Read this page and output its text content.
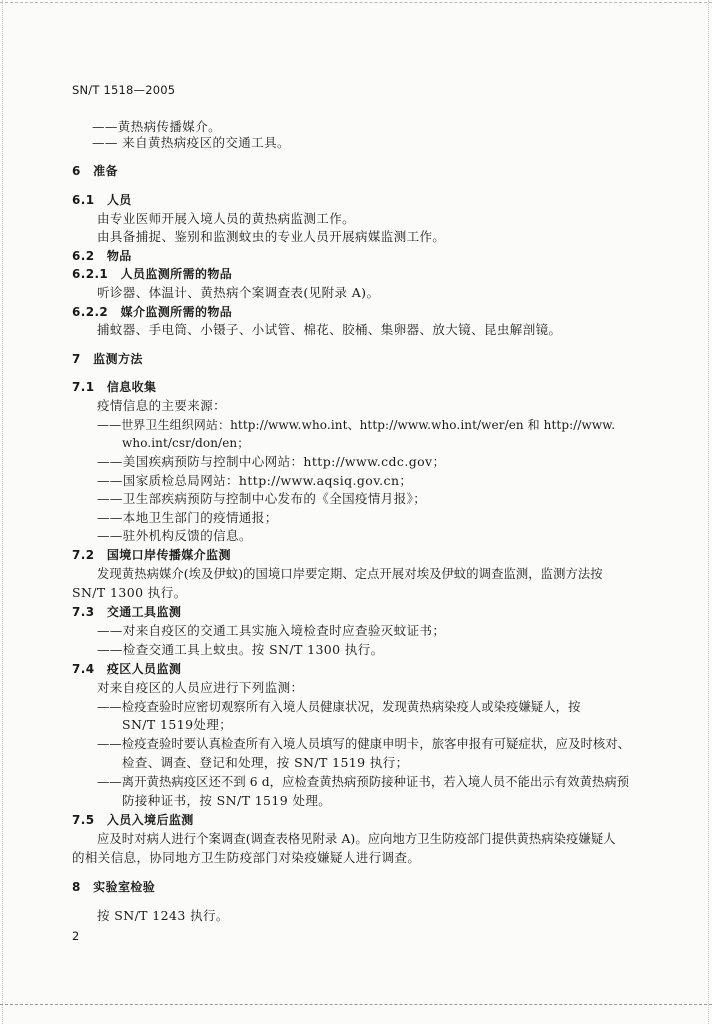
SN/T 1518—2005
——黄热病传播媒介。
—— 来自黄热病疫区的交通工具。
6　准备
6.1　人员
由专业医师开展入境人员的黄热病监测工作。
由具备捕捉、鉴别和监测蚊虫的专业人员开展病媒监测工作。
6.2　物品
6.2.1　人员监测所需的物品
听诊器、体温计、黄热病个案调查表(见附录 A)。
6.2.2　媒介监测所需的物品
捕蚊器、手电筒、小镊子、小试管、棉花、胶桶、集卵器、放大镜、昆虫解剖镜。
7　监测方法
7.1　信息收集
疫情信息的主要来源：
——世界卫生组织网站：http://www.who.int、http://www.who.int/wer/en 和 http://www.
who.int/csr/don/en；
——美国疾病预防与控制中心网站：http://www.cdc.gov；
——国家质检总局网站：http://www.aqsiq.gov.cn；
——卫生部疾病预防与控制中心发布的《全国疫情月报》；
——本地卫生部门的疫情通报；
——驻外机构反馈的信息。
7.2　国境口岸传播媒介监测
发现黄热病媒介(埃及伊蚊)的国境口岸要定期、定点开展对埃及伊蚊的调查监测，监测方法按
SN/T 1300 执行。
7.3　交通工具监测
——对来自疫区的交通工具实施入境检查时应查验灭蚊证书；
——检查交通工具上蚊虫。按 SN/T 1300 执行。
7.4　疫区人员监测
对来自疫区的人员应进行下列监测：
——检疫查验时应密切观察所有入境人员健康状况，发现黄热病染疫人或染疫嫌疑人，按
SN/T 1519处理；
——检疫查验时要认真检查所有入境人员填写的健康申明卡，旅客申报有可疑症状，应及时核对、
检查、调查、登记和处理，按 SN/T 1519 执行；
——离开黄热病疫区还不到 6 d，应检查黄热病预防接种证书，若入境人员不能出示有效黄热病预
防接种证书，按 SN/T 1519 处理。
7.5　入员入境后监测
应及时对病人进行个案调查(调查表格见附录 A)。应向地方卫生防疫部门提供黄热病染疫嫌疑人
的相关信息，协同地方卫生防疫部门对染疫嫌疑人进行调查。
8　实验室检验
按 SN/T 1243 执行。
2
